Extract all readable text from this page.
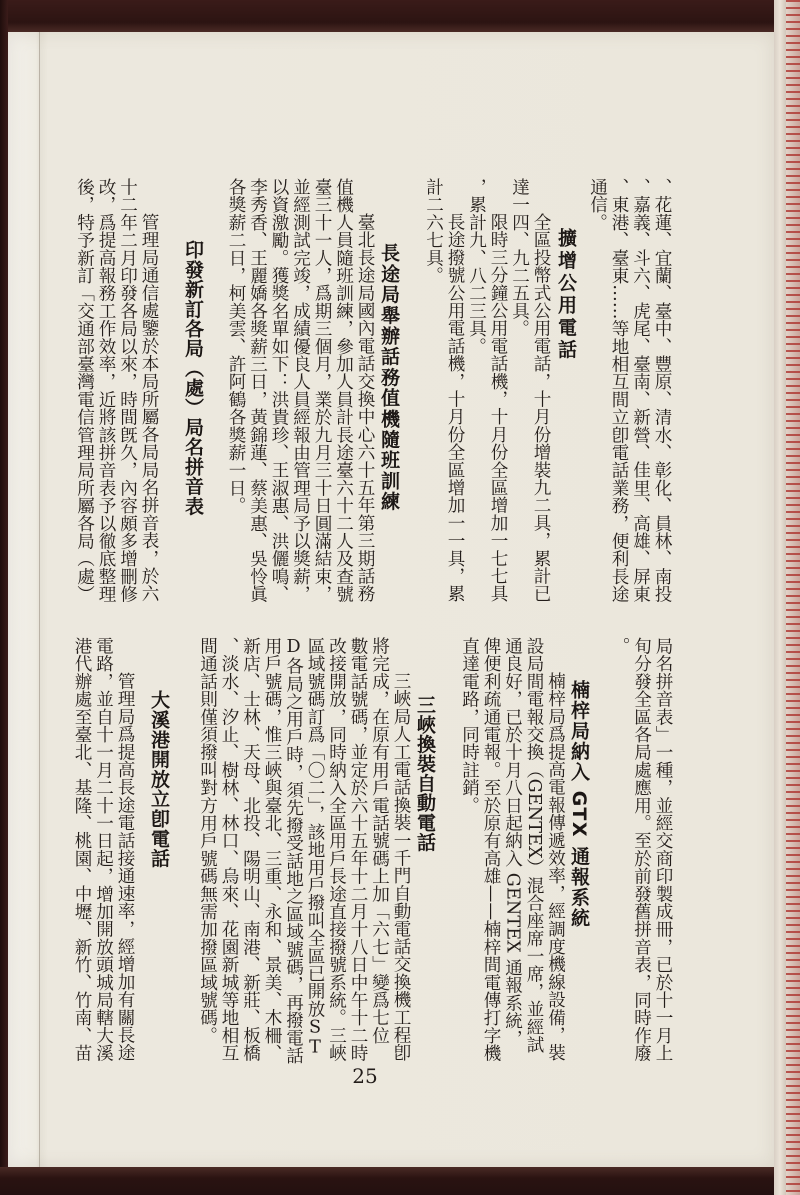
、花蓮、宜蘭、臺中、豐原、清水、彰化、員林、南投
、嘉義、斗六、虎尾、臺南、新營、佳里、高雄、屏東
、東港、臺東……等地相互間立卽電話業務，便利長途
通信。
擴增公用電話
全區投幣式公用電話，十月份增裝九二具，累計已
達一四、九二五具。
限時三分鐘公用電話機，十月份全區增加一七七具
，累計九、八二三具。
長途撥號公用電話機，十月份全區增加一一具，累
計二六七具。
長途局舉辦話務值機隨班訓練
臺北長途局國內電話交換中心六十五年第三期話務
值機人員隨班訓練，參加人員計長途臺六十二人及查號
臺三十一人，爲期三個月，業於九月三十日圓滿結束，
並經測試完竣，成績優良人員經報由管理局予以獎薪，
以資激勵。獲獎名單如下：洪貴珍、王淑惠、洪儷鳴、
李秀香、王麗嬌各獎薪三日，黃錦蓮、蔡美惠、吳怜眞
各獎薪二日，柯美雲、許阿鶴各獎薪一日。
印發新訂各局（處）局名拼音表
管理局通信處鑒於本局所屬各局局名拼音表，於六
十二年二月印發各局以來，時間旣久，內容頗多增刪修
改，爲提高報務工作效率，近將該拼音表予以徹底整理
後，特予新訂「交通部臺灣電信管理局所屬各局（處）
局名拼音表」一種，並經交商印製成冊，已於十一月上
旬分發全區各局處應用。至於前發舊拼音表，同時作廢
。
楠梓局納入 GTX 通報系統
楠梓局爲提高電報傳遞效率，經調度機線設備，裝
設局間電報交換（GENTEX）混合座席一席，並經試
通良好，已於十月八日起納入 GENTEX 通報系統，
俾便利疏通電報。至於原有高雄——楠梓間電傳打字機
直達電路，同時註銷。
三峽換裝自動電話
三峽局人工電話換裝一千門自動電話交換機工程卽
將完成，在原有用戶電話號碼上加「六七」變爲七位
數電話號碼，並定於六十五年十二月十八日中午十二時
改接開放，同時納入全區用戶長途直接撥號系統。三峽
區域號碼訂爲「〇二」，該地用戶撥叫全區已開放ST
D各局之用戶時，須先撥受話地之區域號碼，再撥電話
用戶號碼，惟三峽與臺北、三重、永和、景美、木柵、
新店、士林、天母、北投、陽明山、南港、新莊、板橋
、淡水、汐止、樹林、林口、烏來、花園新城等地相互
間通話則僅須撥叫對方用戶號碼無需加撥區域號碼。
大溪港開放立卽電話
管理局爲提高長途電話接通速率，經增加有關長途
電路，並自十一月二十一日起，增加開放頭城局轄大溪
港代辦處至臺北、基隆、桃園、中壢、新竹、竹南、苗
25
